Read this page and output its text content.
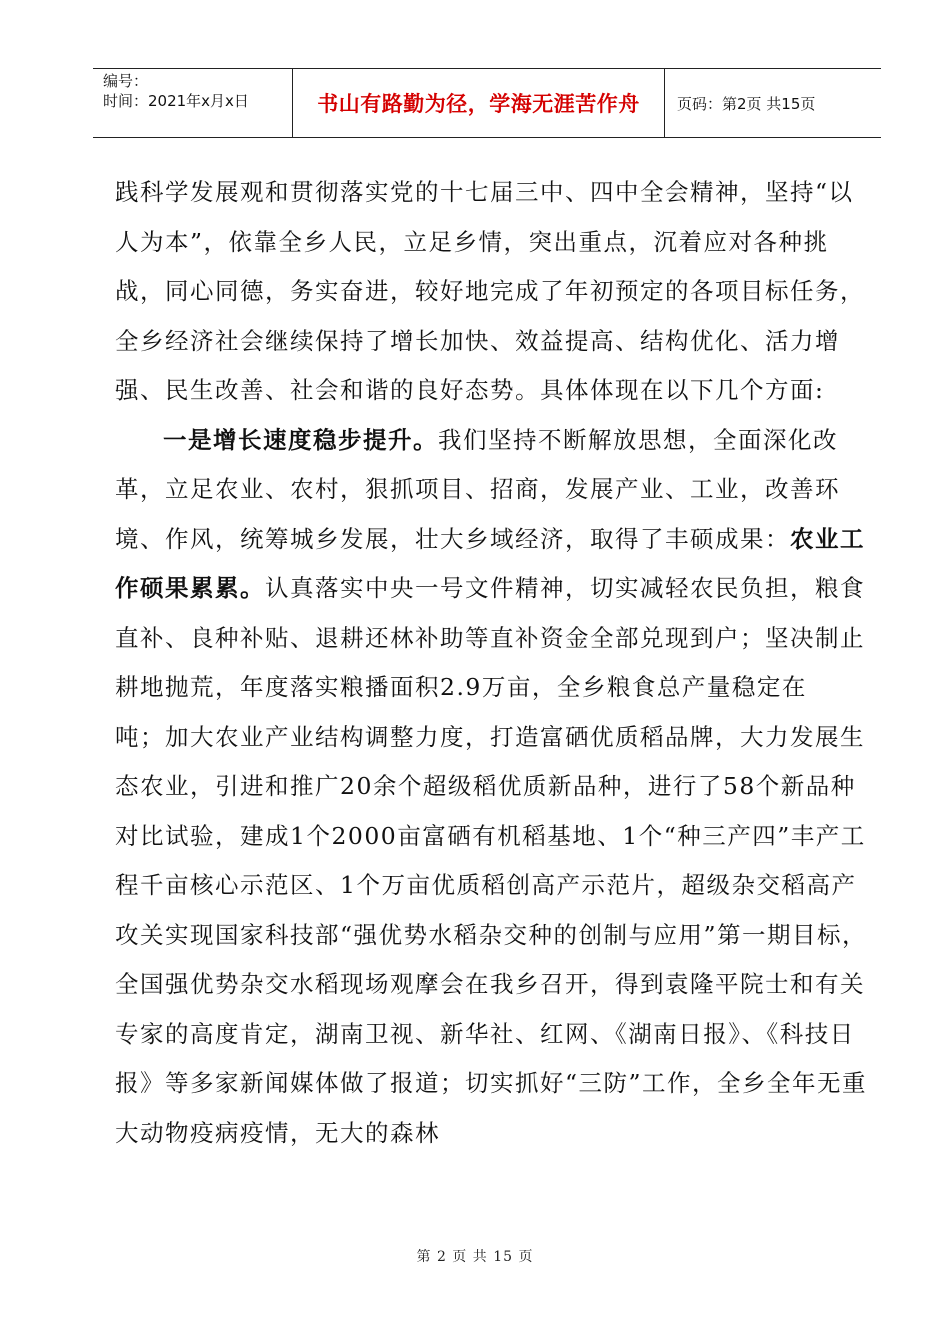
编号：
时间：2021年x月x日	书山有路勤为径，学海无涯苦作舟 页码：第2页 共15页

践科学发展观和贯彻落实党的十七届三中、四中全会精神，坚持“以人为本”，依靠全乡人民，立足乡情，突出重点，沉着应对各种挑战，同心同德，务实奋进，较好地完成了年初预定的各项目标任务，全乡经济社会继续保持了增长加快、效益提高、结构优化、活力增强、民生改善、社会和谐的良好态势。具体体现在以下几个方面:

一是增长速度稳步提升。我们坚持不断解放思想，全面深化改革，立足农业、农村，狠抓项目、招商，发展产业、工业，改善环境、作风，统筹城乡发展，壮大乡域经济，取得了丰硕成果：农业工作硕果累累。认真落实中央一号文件精神，切实减轻农民负担，粮食直补、良种补贴、退耕还林补助等直补资金全部兑现到户；坚决制止耕地抛荒，年度落实粮播面积2.9万亩，全乡粮食总产量稳定在吨；加大农业产业结构调整力度，打造富硒优质稻品牌，大力发展生态农业，引进和推广20余个超级稻优质新品种，进行了58个新品种对比试验，建成1个2000亩富硒有机稻基地、1个“种三产四”丰产工程千亩核心示范区、1个万亩优质稻创高产示范片，超级杂交稻高产攻关实现国家科技部“强优势水稻杂交种的创制与应用”第一期目标，全国强优势杂交水稻现场观摩会在我乡召开，得到袁隆平院士和有关专家的高度肯定，湖南卫视、新华社、红网、《湖南日报》、《科技日报》等多家新闻媒体做了报道；切实抓好“三防”工作，全乡全年无重大动物疫病疫情，无大的森林

第 2 页 共 15 页
